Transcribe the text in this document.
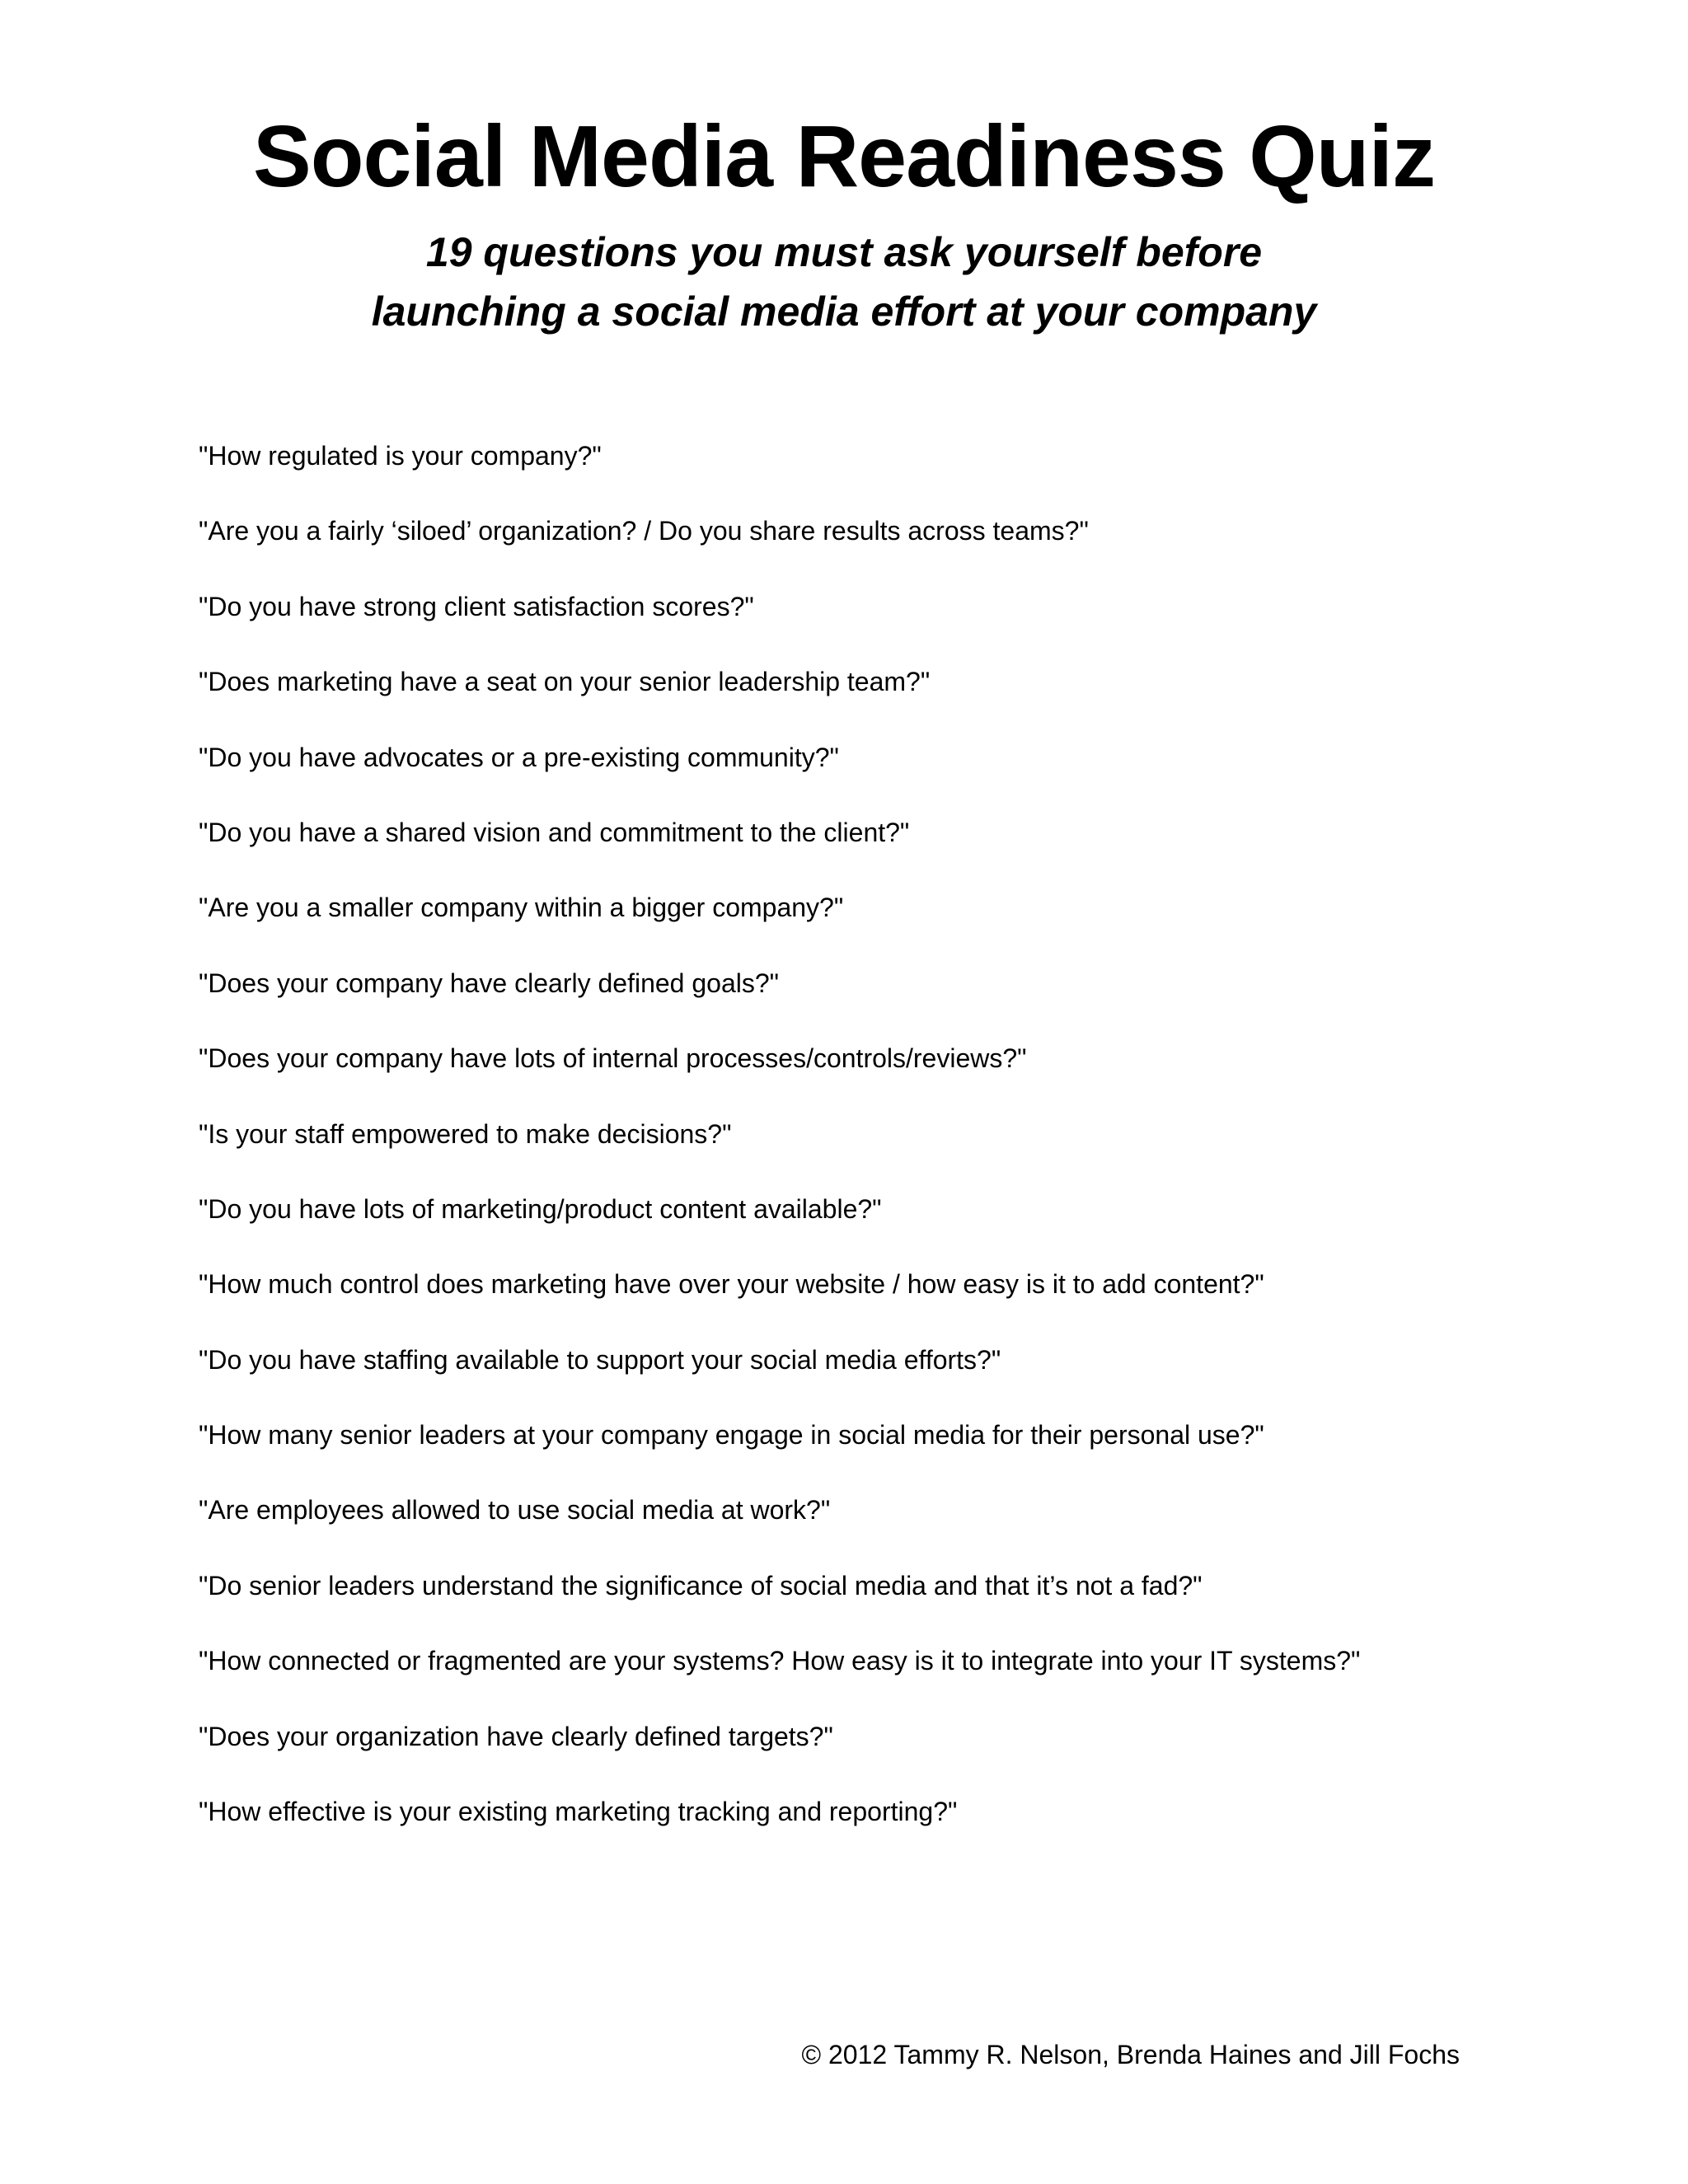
Social Media Readiness Quiz
19 questions you must ask yourself before
launching a social media effort at your company
"How regulated is your company?"
"Are you a fairly ‘siloed’ organization? / Do you share results across teams?"
"Do you have strong client satisfaction scores?"
"Does marketing have a seat on your senior leadership team?"
"Do you have advocates or a pre-existing community?"
"Do you have a shared vision and commitment to the client?"
"Are you a smaller company within a bigger company?"
"Does your company have clearly defined goals?"
"Does your company have lots of internal processes/controls/reviews?"
"Is your staff empowered to make decisions?"
"Do you have lots of marketing/product content available?"
"How much control does marketing have over your website / how easy is it to add content?"
"Do you have staffing available to support your social media efforts?"
"How many senior leaders at your company engage in social media for their personal use?"
"Are employees allowed to use social media at work?"
"Do senior leaders understand the significance of social media and that it’s not a fad?"
"How connected or fragmented are your systems? How easy is it to integrate into your IT systems?"
"Does your organization have clearly defined targets?"
"How effective is your existing marketing tracking and reporting?"
© 2012 Tammy R. Nelson, Brenda Haines and Jill Fochs
